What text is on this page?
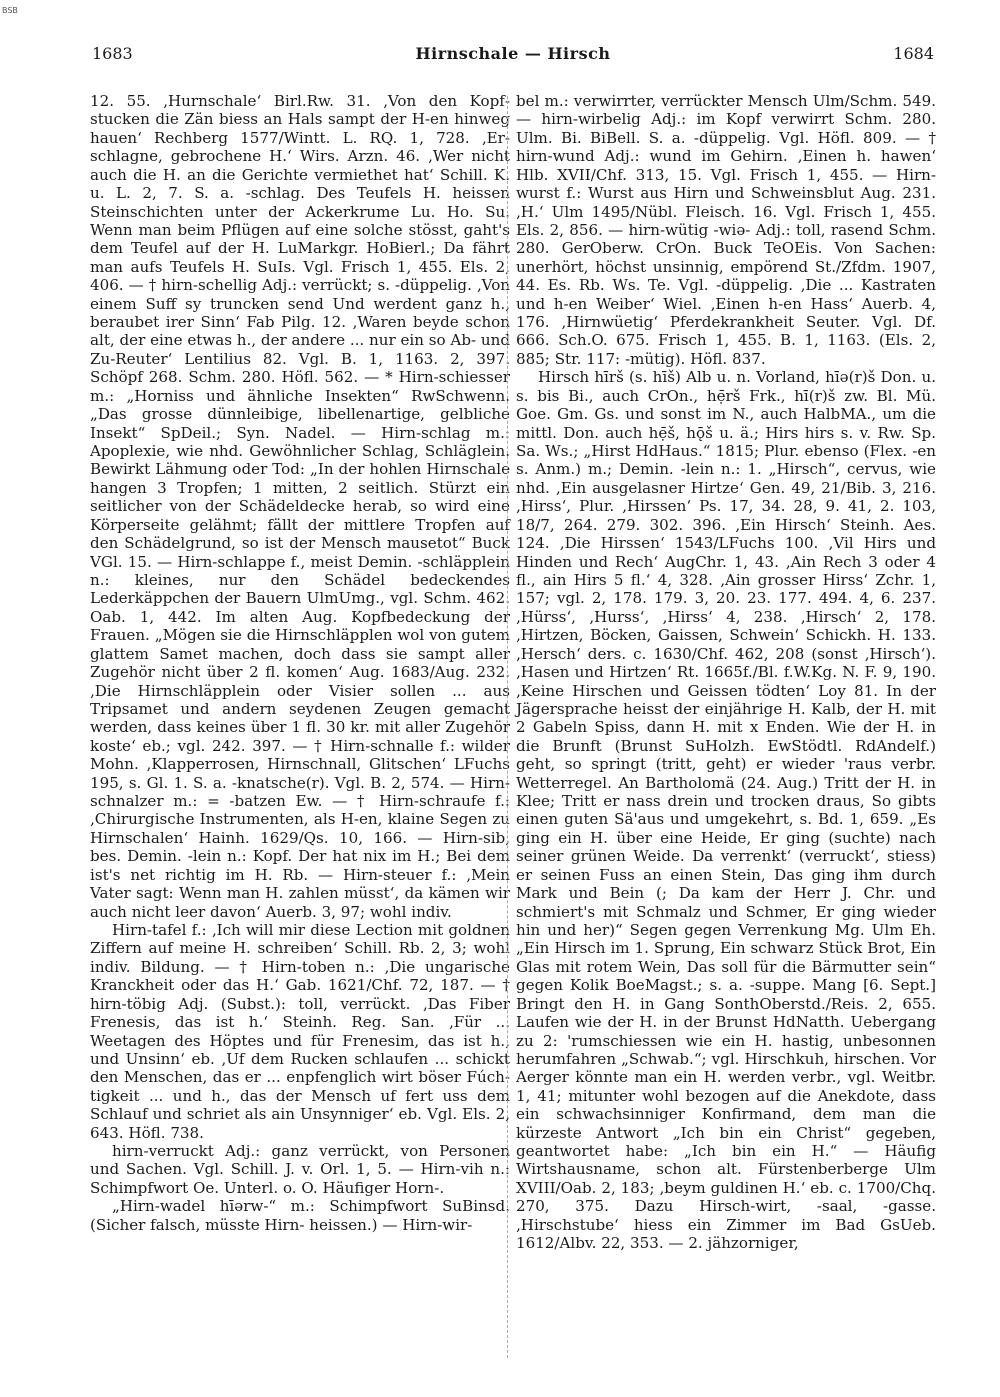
BSB
1683	Hirnschale — Hirsch	1684

12. 55. ‚Hurnschale‘ Birl.Rw. 31. ‚Von den Kopfstucken die Zän biess an Hals sampt der H-en hinweg hauen‘ Rechberg 1577/Wintt. L. RQ. 1, 728. ‚Erschlagne, gebrochene H.‘ Wirs. Arzn. 46. ‚Wer nicht auch die H. an die Gerichte vermiethet hat‘ Schill. K. u. L. 2, 7. S. a. -schlag. Des Teufels H. heissen Steinschichten unter der Ackerkrume Lu. Ho. Su. Wenn man beim Pflügen auf eine solche stösst, gaht's dem Teufel auf der H. LuMarkgr. HoBierl.; Da fährt man aufs Teufels H. SuIs. Vgl. Frisch 1, 455. Els. 2, 406. — † hirn-schellig Adj.: verrückt; s. -düppelig. ‚Von einem Suff sy truncken send Und werdent ganz h., beraubet irer Sinn‘ Fab Pilg. 12. ‚Waren beyde schon alt, der eine etwas h., der andere ... nur ein so Ab- und Zu-Reuter‘ Lentilius 82. Vgl. B. 1, 1163. 2, 397. Schöpf 268. Schm. 280. Höfl. 562. — * Hirn-schiesser m.: „Horniss und ähnliche Insekten“ RwSchwenn. „Das grosse dünnleibige, libellenartige, gelbliche Insekt“ SpDeil.; Syn. Nadel. — Hirn-schlag m.: Apoplexie, wie nhd. Gewöhnlicher Schlag, Schläglein. Bewirkt Lähmung oder Tod: „In der hohlen Hirnschale hangen 3 Tropfen; 1 mitten, 2 seitlich. Stürzt ein seitlicher von der Schädeldecke herab, so wird eine Körperseite gelähmt; fällt der mittlere Tropfen auf den Schädelgrund, so ist der Mensch mausetot“ Buck VGl. 15. — Hirn-schlappe f., meist Demin. -schläpplein n.: kleines, nur den Schädel bedeckendes Lederkäppchen der Bauern UlmUmg., vgl. Schm. 462. Oab. 1, 442. Im alten Aug. Kopfbedeckung der Frauen. „Mögen sie die Hirnschläpplen wol von gutem glattem Samet machen, doch dass sie sampt aller Zugehör nicht über 2 fl. komen‘ Aug. 1683/Aug. 232. ‚Die Hirnschläpplein oder Visier sollen ... aus Tripsamet und andern seydenen Zeugen gemacht werden, dass keines über 1 fl. 30 kr. mit aller Zugehör koste‘ eb.; vgl. 242. 397. — † Hirn-schnalle f.: wilder Mohn. ‚Klapperrosen, Hirnschnall, Glitschen‘ LFuchs 195, s. Gl. 1. S. a. -knatsche(r). Vgl. B. 2, 574. — Hirn-schnalzer m.: = -batzen Ew. — † Hirn-schraufe f.: ‚Chirurgische Instrumenten, als H-en, klaine Segen zu Hirnschalen‘ Hainh. 1629/Qs. 10, 166. — Hirn-sib, bes. Demin. -lein n.: Kopf. Der hat nix im H.; Bei dem ist's net richtig im H. Rb. — Hirn-steuer f.: ‚Mein Vater sagt: Wenn man H. zahlen müsst‘, da kämen wir auch nicht leer davon‘ Auerb. 3, 97; wohl indiv.

Hirn-tafel f.: ‚Ich will mir diese Lection mit goldnen Ziffern auf meine H. schreiben‘ Schill. Rb. 2, 3; wohl indiv. Bildung. — † Hirn-toben n.: ‚Die ungarische Kranckheit oder das H.‘ Gab. 1621/Chf. 72, 187. — † hirn-töbig Adj. (Subst.): toll, verrückt. ‚Das Fiber Frenesis, das ist h.‘ Steinh. Reg. San. ‚Für ... Weetagen des Höptes und für Frenesim, das ist h., und Unsinn‘ eb. ‚Uf dem Rucken schlaufen ... schickt den Menschen, das er ... enpfenglich wirt böser Fúchtigkeit ... und h., das der Mensch uf fert uss dem Schlauf und schriet als ain Unsynniger‘ eb. Vgl. Els. 2, 643. Höfl. 738.

hirn-verruckt Adj.: ganz verrückt, von Personen und Sachen. Vgl. Schill. J. v. Orl. 1, 5. — Hirn-vih n.: Schimpfwort Oe. Unterl. o. O. Häufiger Horn-.

„Hirn-wadel hīərw-“ m.: Schimpfwort SuBinsd. (Sicher falsch, müsste Hirn- heissen.) — Hirn-wir-

bel m.: verwirrter, verrückter Mensch Ulm/Schm. 549. — hirn-wirbelig Adj.: im Kopf verwirrt Schm. 280. Ulm. Bi. BiBell. S. a. -düppelig. Vgl. Höfl. 809. — † hirn-wund Adj.: wund im Gehirn. ‚Einen h. hawen‘ Hlb. XVII/Chf. 313, 15. Vgl. Frisch 1, 455. — Hirn-wurst f.: Wurst aus Hirn und Schweinsblut Aug. 231. ‚H.‘ Ulm 1495/Nübl. Fleisch. 16. Vgl. Frisch 1, 455. Els. 2, 856. — hirn-wütig -wiə- Adj.: toll, rasend Schm. 280. GerOberw. CrOn. Buck TeOEis. Von Sachen: unerhört, höchst unsinnig, empörend St./Zfdm. 1907, 44. Es. Rb. Ws. Te. Vgl. -düppelig. ‚Die ... Kastraten und h-en Weiber‘ Wiel. ‚Einen h-en Hass‘ Auerb. 4, 176. ‚Hirnwüetig‘ Pferdekrankheit Seuter. Vgl. Df. 666. Sch.O. 675. Frisch 1, 455. B. 1, 1163. (Els. 2, 885; Str. 117: -mütig). Höfl. 837.

Hirsch hīrš (s. hīš) Alb u. n. Vorland, hīə(r)š Don. u. s. bis Bi., auch CrOn., hẹ̄rš Frk., hī(r)š zw. Bl. Mü. Goe. Gm. Gs. und sonst im N., auch HalbMA., um die mittl. Don. auch hẹ̄š, hǭš u. ä.; Hirs hirs s. v. Rw. Sp. Sa. Ws.; „Hirst HdHaus.“ 1815; Plur. ebenso (Flex. -en s. Anm.) m.; Demin. -lein n.: 1. „Hirsch“, cervus, wie nhd. ‚Ein ausgelasner Hirtze‘ Gen. 49, 21/Bib. 3, 216. ‚Hirss‘, Plur. ‚Hirssen‘ Ps. 17, 34. 28, 9. 41, 2. 103, 18/7, 264. 279. 302. 396. ‚Ein Hirsch‘ Steinh. Aes. 124. ‚Die Hirssen‘ 1543/LFuchs 100. ‚Vil Hirs und Hinden und Rech‘ AugChr. 1, 43. ‚Ain Rech 3 oder 4 fl., ain Hirs 5 fl.‘ 4, 328. ‚Ain grosser Hirss‘ Zchr. 1, 157; vgl. 2, 178. 179. 3, 20. 23. 177. 494. 4, 6. 237. ‚Hürss‘, ‚Hurss‘, ‚Hirss‘ 4, 238. ‚Hirsch‘ 2, 178. ‚Hirtzen, Böcken, Gaissen, Schwein‘ Schickh. H. 133. ‚Hersch‘ ders. c. 1630/Chf. 462, 208 (sonst ‚Hirsch‘). ‚Hasen und Hirtzen‘ Rt. 1665f./Bl. f.W.Kg. N. F. 9, 190. ‚Keine Hirschen und Geissen tödten‘ Loy 81. In der Jägersprache heisst der einjährige H. Kalb, der H. mit 2 Gabeln Spiss, dann H. mit x Enden. Wie der H. in die Brunft (Brunst SuHolzh. EwStödtl. RdAndelf.) geht, so springt (tritt, geht) er wieder 'raus verbr. Wetterregel. An Bartholomä (24. Aug.) Tritt der H. in Klee; Tritt er nass drein und trocken draus, So gibts einen guten Sä'aus und umgekehrt, s. Bd. 1, 659. „Es ging ein H. über eine Heide, Er ging (suchte) nach seiner grünen Weide. Da verrenkt‘ (verruckt‘, stiess) er seinen Fuss an einen Stein, Das ging ihm durch Mark und Bein (; Da kam der Herr J. Chr. und schmiert's mit Schmalz und Schmer, Er ging wieder hin und her)“ Segen gegen Verrenkung Mg. Ulm Eh. „Ein Hirsch im 1. Sprung, Ein schwarz Stück Brot, Ein Glas mit rotem Wein, Das soll für die Bärmutter sein“ gegen Kolik BoeMagst.; s. a. -suppe. Mang [6. Sept.] Bringt den H. in Gang SonthOberstd./Reis. 2, 655. Laufen wie der H. in der Brunst HdNatth. Uebergang zu 2: 'rumschiessen wie ein H. hastig, unbesonnen herumfahren „Schwab.“; vgl. Hirschkuh, hirschen. Vor Aerger könnte man ein H. werden verbr., vgl. Weitbr. 1, 41; mitunter wohl bezogen auf die Anekdote, dass ein schwachsinniger Konfirmand, dem man die kürzeste Antwort „Ich bin ein Christ“ gegeben, geantwortet habe: „Ich bin ein H.“ — Häufig Wirtshausname, schon alt. Fürstenberberge Ulm XVIII/Oab. 2, 183; ‚beym guldinen H.‘ eb. c. 1700/Chq. 270, 375. Dazu Hirsch-wirt, -saal, -gasse. ‚Hirschstube‘ hiess ein Zimmer im Bad GsUeb. 1612/Albv. 22, 353. — 2. jähzorniger,
